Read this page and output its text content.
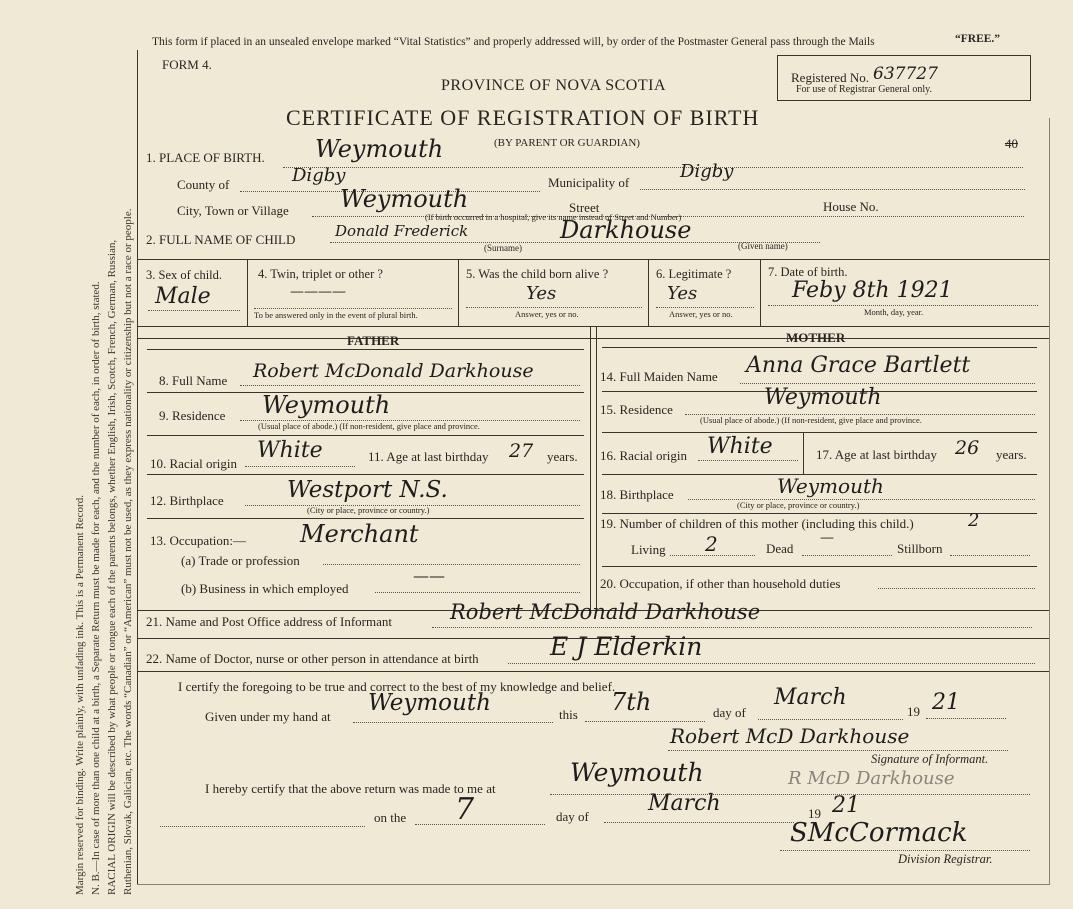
Margin reserved for binding. Write plainly, with unfading ink. This is a Permanent Record. N. B.—In case of more than one child at a birth, a Separate Return must be made for each, and the number of each, in order of birth, stated. RACIAL ORIGIN will be described by what people or tongue each of the parents belongs, whether English, Irish, Scotch, French, German, Russian, Ruthenian, Slovak, Galician, etc. The words “Canadian” or “American” must not be used, as they express nationality or citizenship but not a race or people.
This form if placed in an unsealed envelope marked “Vital Statistics” and properly addressed will, by order of the Postmaster General pass through the Mails	“FREE.”
FORM 4.
PROVINCE OF NOVA SCOTIA
CERTIFICATE OF REGISTRATION OF BIRTH
Registered No. 637727
For use of Registrar General only.
1. PLACE OF BIRTH. Weymouth	(BY PARENT OR GUARDIAN)	40
County of	Digby	Municipality of
Digby
City, Town or Village Weymouth	Street	House No.
(If birth occurred in a hospital, give its name instead of Street and Number)
2. FULL NAME OF CHILD	Donald Frederick	Darkhouse
(Surname)	(Given name)
3. Sex of child.
Male
4. Twin, triplet or other ?
————
To be answered only in the event of plural birth.
5. Was the child born alive ?
Yes
Answer, yes or no.
6. Legitimate ?
Yes
Answer, yes or no.
7. Date of birth.
Feby 8th 1921
Month, day, year.
FATHER	MOTHER
8. Full Name Robert McDonald Darkhouse
9. Residence Weymouth
(Usual place of abode.) (If non-resident, give place and province.
10. Racial origin
White	11. Age at last birthday 27 years.
12. Birthplace	Westport N.S.
(City or place, province or country.)
13. Occupation:— Merchant
(a) Trade or profession
(b) Business in which employed
——
14. Full Maiden Name Anna Grace Bartlett
15. Residence	Weymouth
(Usual place of abode.) (If non-resident, give place and province.
16. Racial origin White	17. Age at last birthday 26 years.
18. Birthplace	Weymouth
(City or place, province or country.)
19. Number of children of this mother (including this child.)	2
Living 2	Dead
—
Stillborn
20. Occupation, if other than household duties
21. Name and Post Office address of Informant	Robert McDonald Darkhouse
22. Name of Doctor, nurse or other person in attendance at birth	E J Elderkin
I certify the foregoing to be true and correct to the best of my knowledge and belief.
Given under my hand at
Weymouth	this 7th	day of
March
19 21
Robert McD Darkhouse
Signature of Informant.
I hereby certify that the above return was made to me at
Weymouth	R McD Darkhouse
on the 7	day of
March	19 21
SMcCormack
Division Registrar.
